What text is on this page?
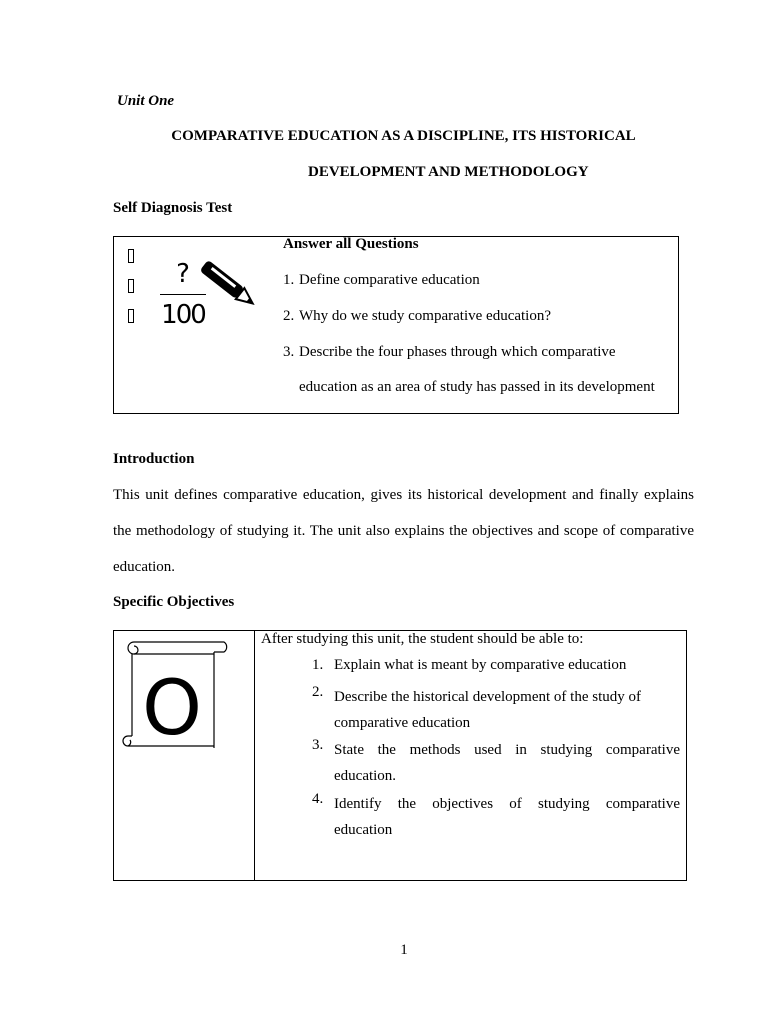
Unit One
COMPARATIVE EDUCATION AS A DISCIPLINE, ITS HISTORICAL
DEVELOPMENT AND METHODOLOGY
Self Diagnosis Test
?
100
Answer all Questions
1. Define comparative education
2. Why do we study comparative education?
3. Describe the four phases through which comparative
education as an area of study has passed in its development
Introduction
This unit defines comparative education, gives its historical development and finally explains
the methodology of studying it. The unit also explains the objectives and scope of comparative
education.
Specific Objectives
O
After studying this unit, the student should be able to:
1. Explain what is meant by comparative education
2. Describe the historical development of the study of
comparative education
3. State the methods used in studying comparative
education.
4. Identify the objectives of studying comparative
education
1
